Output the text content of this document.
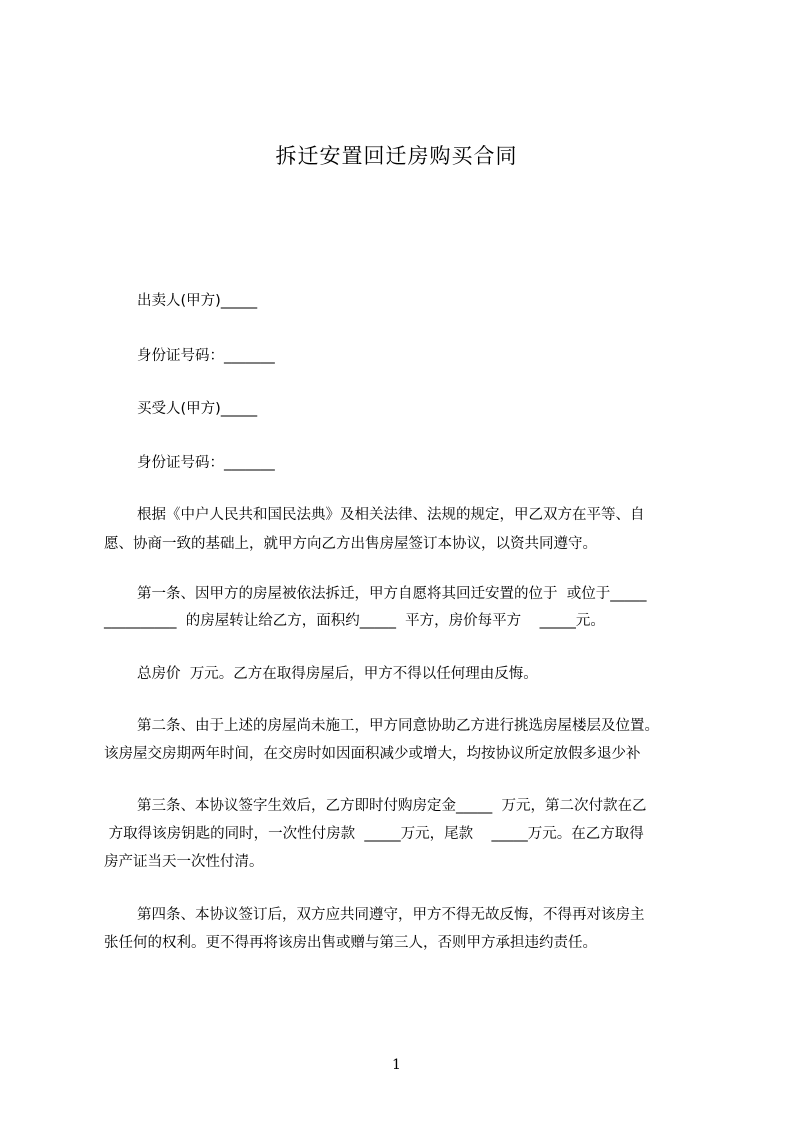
拆迁安置回迁房购买合同
出卖人(甲方)_____
身份证号码：_______
买受人(甲方)_____
身份证号码：_______
根据《中户人民共和国民法典》及相关法律、法规的规定，甲乙双方在平等、自
愿、协商一致的基础上，就甲方向乙方出售房屋签订本协议，以资共同遵守。
第一条、因甲方的房屋被依法拆迁，甲方自愿将其回迁安置的位于  或位于_____
__________  的房屋转让给乙方，面积约_____  平方，房价每平方    _____元。
总房价  万元。乙方在取得房屋后，甲方不得以任何理由反悔。
第二条、由于上述的房屋尚未施工，甲方同意协助乙方进行挑选房屋楼层及位置。
该房屋交房期两年时间，在交房时如因面积减少或增大，均按协议所定放假多退少补
第三条、本协议签字生效后，乙方即时付购房定金_____  万元，第二次付款在乙
方取得该房钥匙的同时，一次性付房款  _____万元，尾款    _____万元。在乙方取得
房产证当天一次性付清。
第四条、本协议签订后，双方应共同遵守，甲方不得无故反悔，不得再对该房主
张任何的权利。更不得再将该房出售或赠与第三人，否则甲方承担违约责任。
1
